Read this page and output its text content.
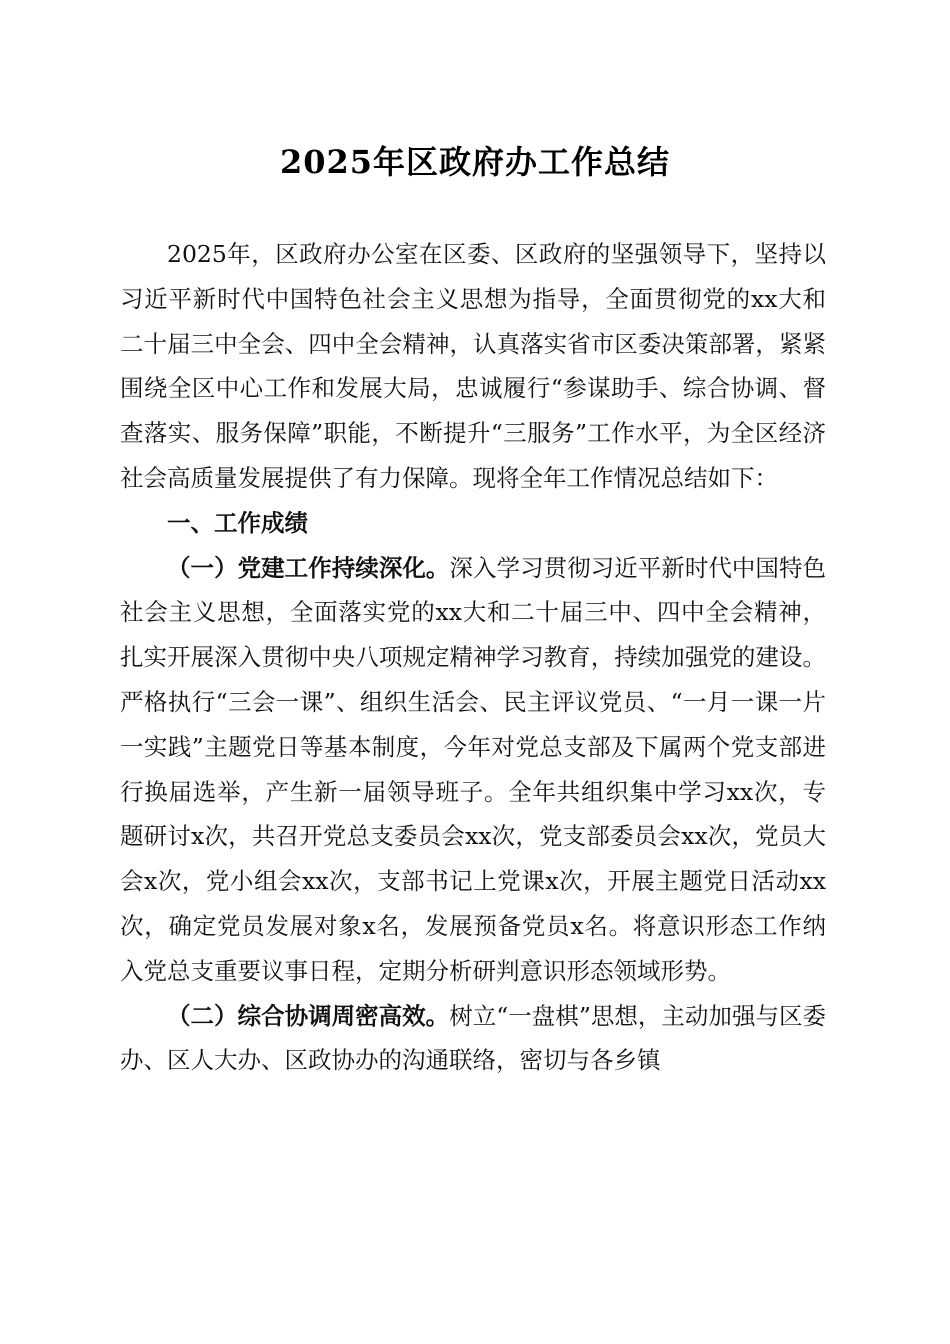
2025年区政府办工作总结

2025年，区政府办公室在区委、区政府的坚强领导下，坚持以习近平新时代中国特色社会主义思想为指导，全面贯彻党的xx大和二十届三中全会、四中全会精神，认真落实省市区委决策部署，紧紧围绕全区中心工作和发展大局，忠诚履行“参谋助手、综合协调、督查落实、服务保障”职能，不断提升“三服务”工作水平，为全区经济社会高质量发展提供了有力保障。现将全年工作情况总结如下：

一、工作成绩

（一）党建工作持续深化。深入学习贯彻习近平新时代中国特色社会主义思想，全面落实党的xx大和二十届三中、四中全会精神，扎实开展深入贯彻中央八项规定精神学习教育，持续加强党的建设。严格执行“三会一课”、组织生活会、民主评议党员、“一月一课一片一实践”主题党日等基本制度，今年对党总支部及下属两个党支部进行换届选举，产生新一届领导班子。全年共组织集中学习xx次，专题研讨x次，共召开党总支委员会xx次，党支部委员会xx次，党员大会x次，党小组会xx次，支部书记上党课x次，开展主题党日活动xx次，确定党员发展对象x名，发展预备党员x名。将意识形态工作纳入党总支重要议事日程，定期分析研判意识形态领域形势。

（二）综合协调周密高效。树立“一盘棋”思想，主动加强与区委办、区人大办、区政协办的沟通联络，密切与各乡镇
